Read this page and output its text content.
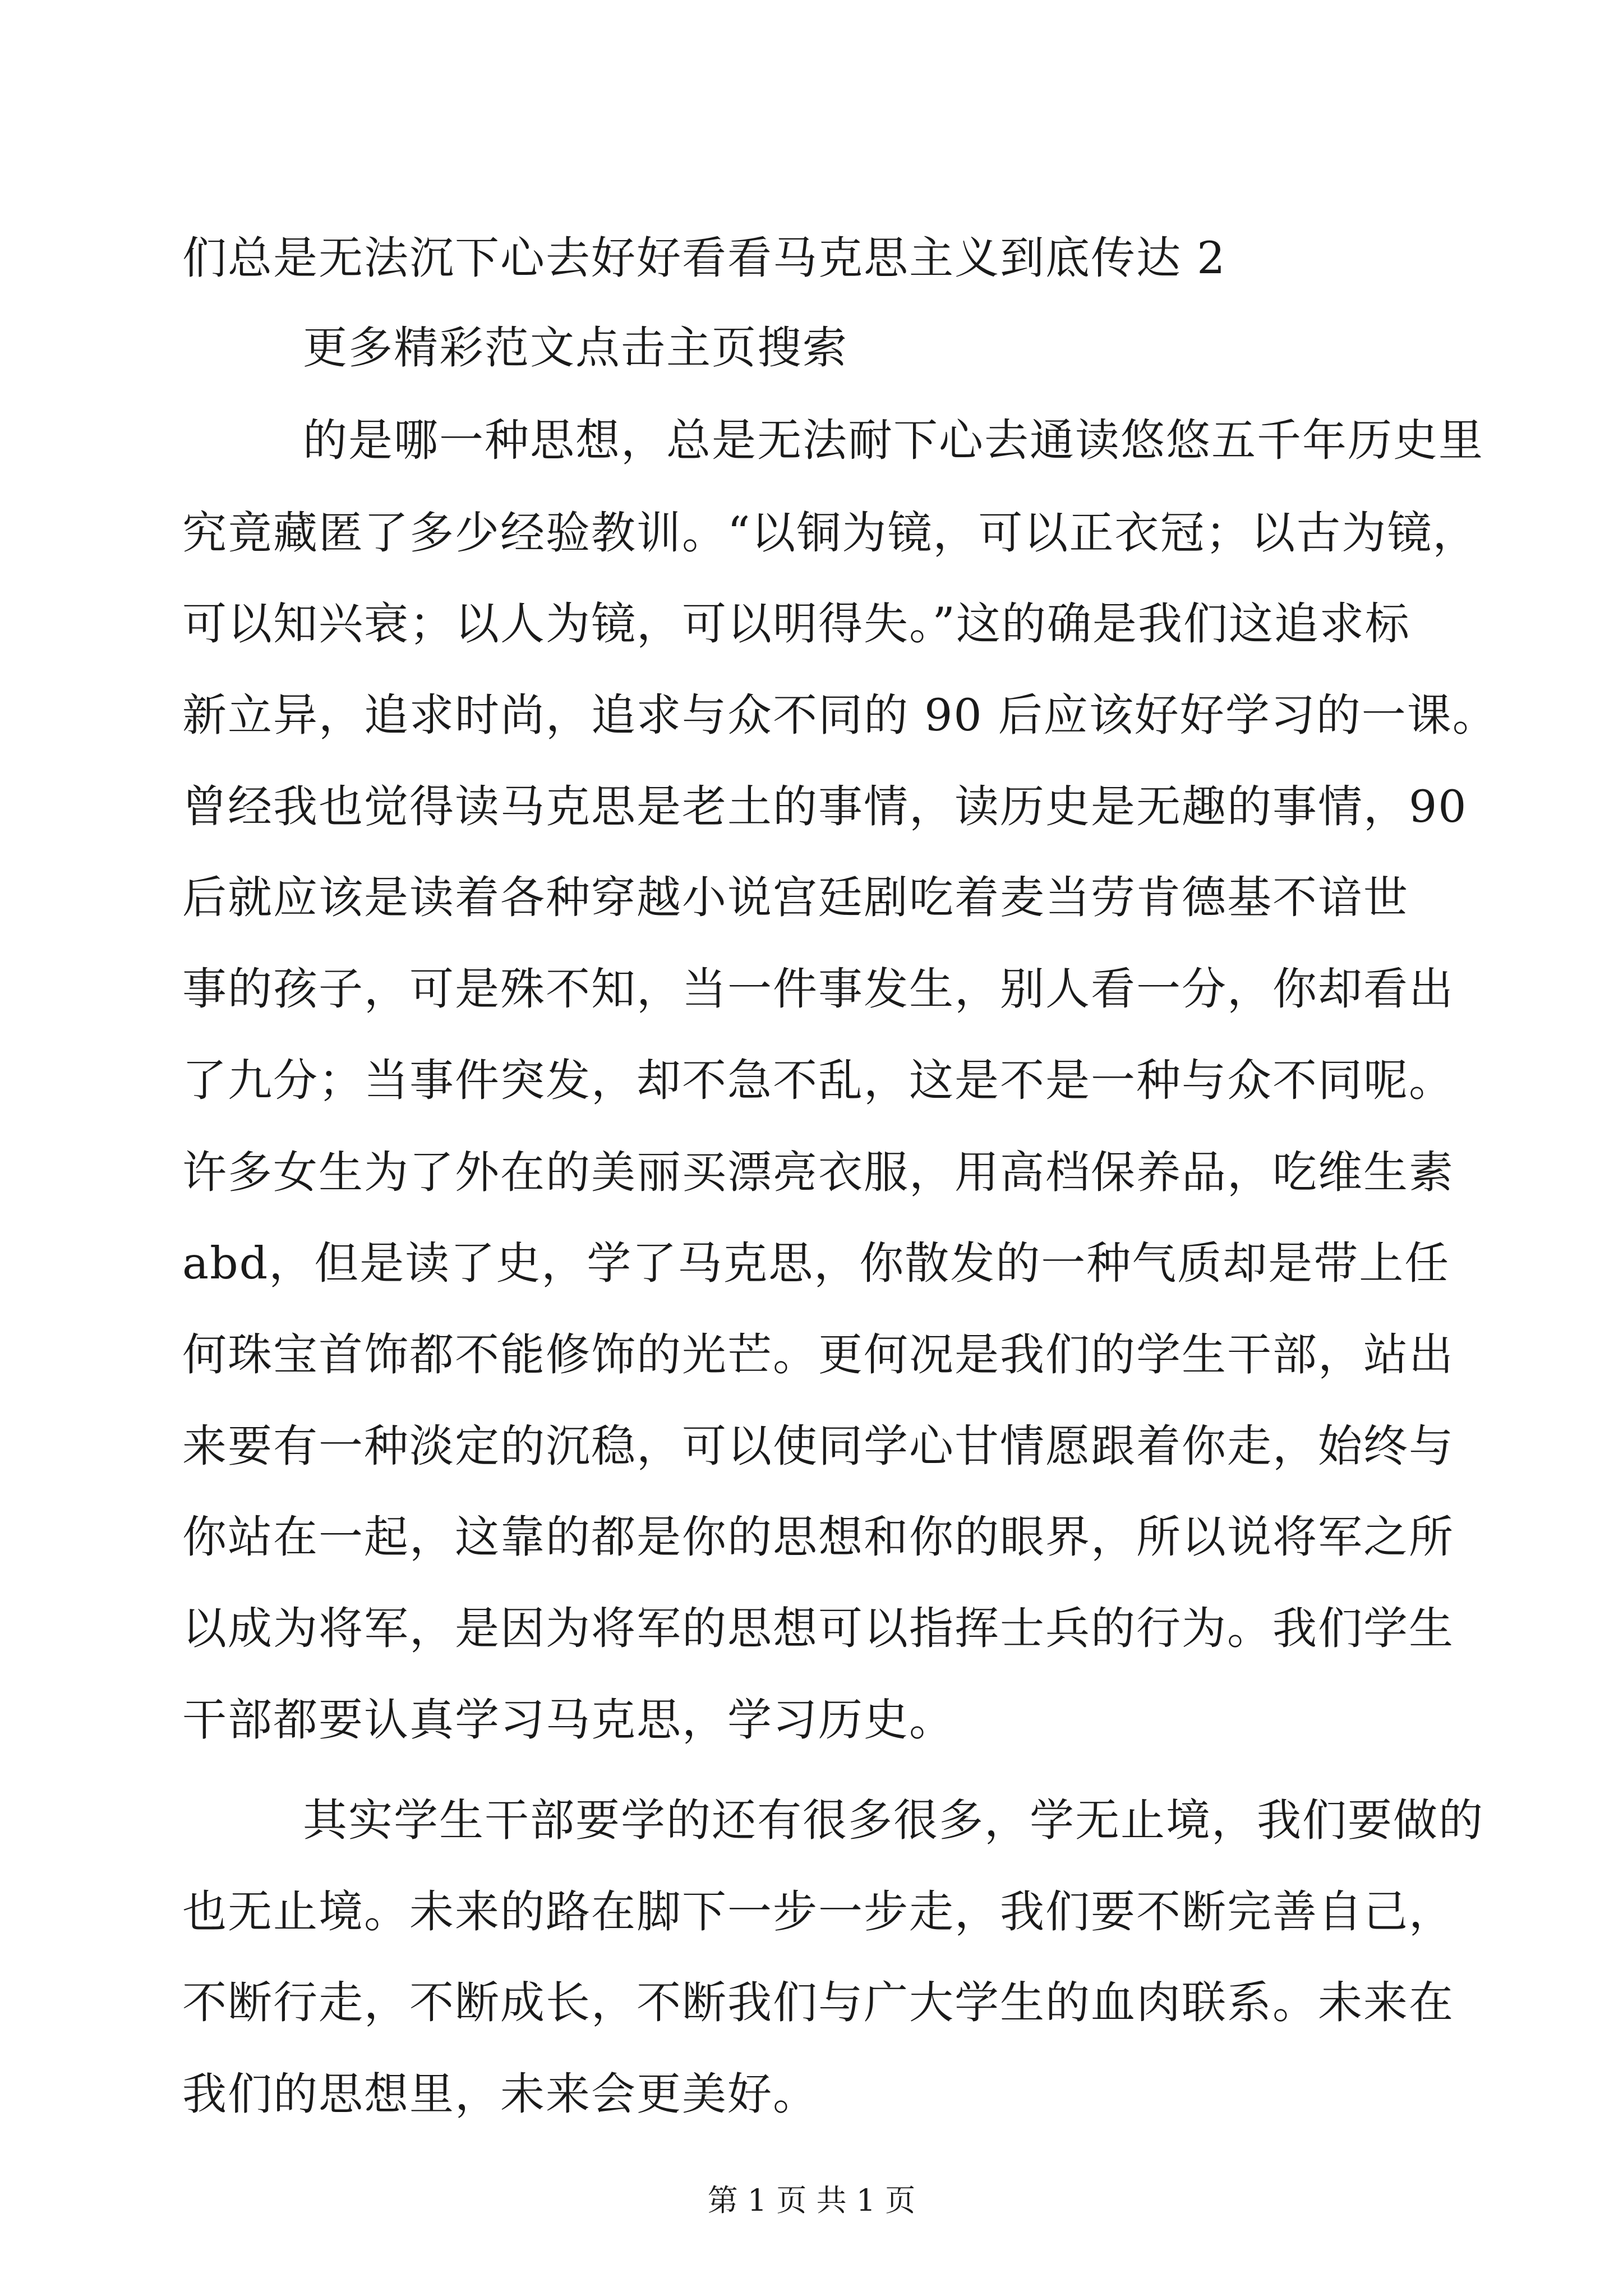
们总是无法沉下心去好好看看马克思主义到底传达 2
更多精彩范文点击主页搜索
的是哪一种思想，总是无法耐下心去通读悠悠五千年历史里
究竟藏匿了多少经验教训。“以铜为镜，可以正衣冠；以古为镜，
可以知兴衰；以人为镜，可以明得失。”这的确是我们这追求标
新立异，追求时尚，追求与众不同的 90 后应该好好学习的一课。
曾经我也觉得读马克思是老土的事情，读历史是无趣的事情，90
后就应该是读着各种穿越小说宫廷剧吃着麦当劳肯德基不谙世
事的孩子，可是殊不知，当一件事发生，别人看一分，你却看出
了九分；当事件突发，却不急不乱，这是不是一种与众不同呢。
许多女生为了外在的美丽买漂亮衣服，用高档保养品，吃维生素
abd，但是读了史，学了马克思，你散发的一种气质却是带上任
何珠宝首饰都不能修饰的光芒。更何况是我们的学生干部，站出
来要有一种淡定的沉稳，可以使同学心甘情愿跟着你走，始终与
你站在一起，这靠的都是你的思想和你的眼界，所以说将军之所
以成为将军，是因为将军的思想可以指挥士兵的行为。我们学生
干部都要认真学习马克思，学习历史。
其实学生干部要学的还有很多很多，学无止境，我们要做的
也无止境。未来的路在脚下一步一步走，我们要不断完善自己，
不断行走，不断成长，不断我们与广大学生的血肉联系。未来在
我们的思想里，未来会更美好。
第 1 页 共 1 页
